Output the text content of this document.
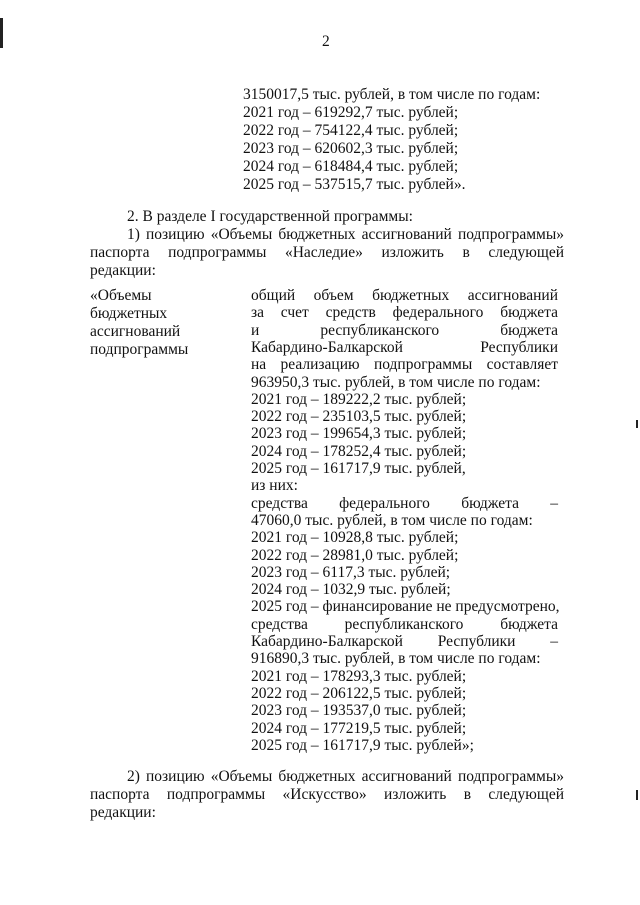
2
3150017,5 тыс. рублей, в том числе по годам:
2021 год – 619292,7 тыс. рублей;
2022 год – 754122,4 тыс. рублей;
2023 год – 620602,3 тыс. рублей;
2024 год – 618484,4 тыс. рублей;
2025 год – 537515,7 тыс. рублей».
2. В разделе I государственной программы:
1) позицию «Объемы бюджетных ассигнований подпрограммы»
паспорта подпрограммы «Наследие» изложить в следующей
редакции:
«Объемы
бюджетных
ассигнований
подпрограммы
общий объем бюджетных ассигнований
за счет средств федерального бюджета
и республиканского бюджета
Кабардино-Балкарской Республики
на реализацию подпрограммы составляет
963950,3 тыс. рублей, в том числе по годам:
2021 год – 189222,2 тыс. рублей;
2022 год – 235103,5 тыс. рублей;
2023 год – 199654,3 тыс. рублей;
2024 год – 178252,4 тыс. рублей;
2025 год – 161717,9 тыс. рублей,
из них:
средства федерального бюджета –
47060,0 тыс. рублей, в том числе по годам:
2021 год – 10928,8 тыс. рублей;
2022 год – 28981,0 тыс. рублей;
2023 год – 6117,3 тыс. рублей;
2024 год – 1032,9 тыс. рублей;
2025 год – финансирование не предусмотрено,
средства республиканского бюджета
Кабардино-Балкарской Республики –
916890,3 тыс. рублей, в том числе по годам:
2021 год – 178293,3 тыс. рублей;
2022 год – 206122,5 тыс. рублей;
2023 год – 193537,0 тыс. рублей;
2024 год – 177219,5 тыс. рублей;
2025 год – 161717,9 тыс. рублей»;
2) позицию «Объемы бюджетных ассигнований подпрограммы»
паспорта подпрограммы «Искусство» изложить в следующей
редакции:
